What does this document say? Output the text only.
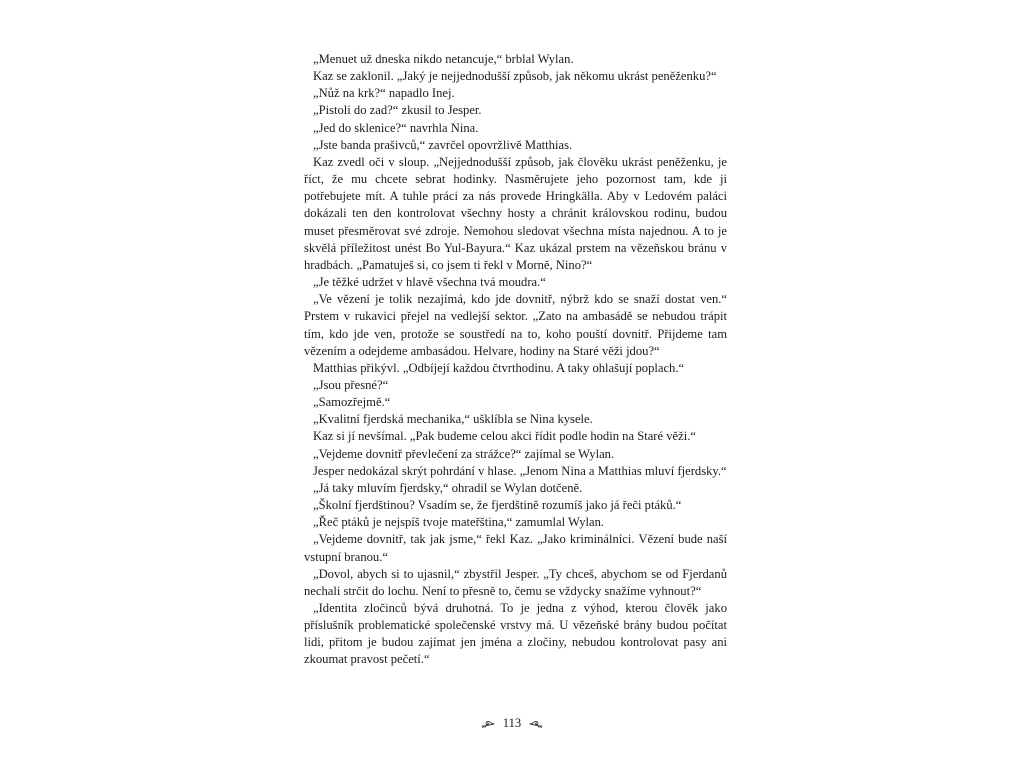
„Menuet už dneska nikdo netancuje,“ brblal Wylan.

Kaz se zaklonil. „Jaký je nejjednodušší způsob, jak někomu ukrást peněženku?“

„Nůž na krk?“ napadlo Inej.

„Pistoli do zad?“ zkusil to Jesper.

„Jed do sklenice?“ navrhla Nina.

„Jste banda prašivců,“ zavrčel opovržlivě Matthias.

Kaz zvedl oči v sloup. „Nejjednodušší způsob, jak člověku ukrást peněženku, je říct, že mu chcete sebrat hodinky. Nasměrujete jeho pozornost tam, kde ji potřebujete mít. A tuhle práci za nás provede Hringkälla. Aby v Ledovém paláci dokázali ten den kontrolovat všechny hosty a chránit královskou rodinu, budou muset přesměrovat své zdroje. Nemohou sledovat všechna místa najednou. A to je skvělá příležitost unést Bo Yul-Bayura.“ Kaz ukázal prstem na vězeňskou bránu v hradbách. „Pamatuješ si, co jsem ti řekl v Morně, Nino?“

„Je těžké udržet v hlavě všechna tvá moudra.“

„Ve vězení je tolik nezajímá, kdo jde dovnitř, nýbrž kdo se snaží dostat ven.“ Prstem v rukavici přejel na vedlejší sektor. „Zato na ambasádě se nebudou trápit tím, kdo jde ven, protože se soustředí na to, koho pouští dovnitř. Přijdeme tam vězením a odejdeme ambasádou. Helvare, hodiny na Staré věži jdou?“

Matthias přikývl. „Odbíjejí každou čtvrthodinu. A taky ohlašují poplach.“

„Jsou přesné?“

„Samozřejmě.“

„Kvalitní fjerdská mechanika,“ ušklíbla se Nina kysele.

Kaz si jí nevšímal. „Pak budeme celou akci řídit podle hodin na Staré věži.“

„Vejdeme dovnitř převlečení za strážce?“ zajímal se Wylan.

Jesper nedokázal skrýt pohrdání v hlase. „Jenom Nina a Matthias mluví fjerdsky.“

„Já taky mluvím fjerdsky,“ ohradil se Wylan dotčeně.

„Školní fjerdštinou? Vsadím se, že fjerdštině rozumíš jako já řeči ptáků.“

„Řeč ptáků je nejspíš tvoje mateřština,“ zamumlal Wylan.

„Vejdeme dovnitř, tak jak jsme,“ řekl Kaz. „Jako kriminálníci. Vězení bude naší vstupní branou.“

„Dovol, abych si to ujasnil,“ zbystřil Jesper. „Ty chceš, abychom se od Fjerdanů nechali strčit do lochu. Není to přesně to, čemu se vždycky snažíme vyhnout?“

„Identita zločinců bývá druhotná. To je jedna z výhod, kterou člověk jako příslušník problematické společenské vrstvy má. U vězeňské brány budou počítat lidi, přitom je budou zajímat jen jména a zločiny, nebudou kontrolovat pasy ani zkoumat pravost pečetí.“

113
